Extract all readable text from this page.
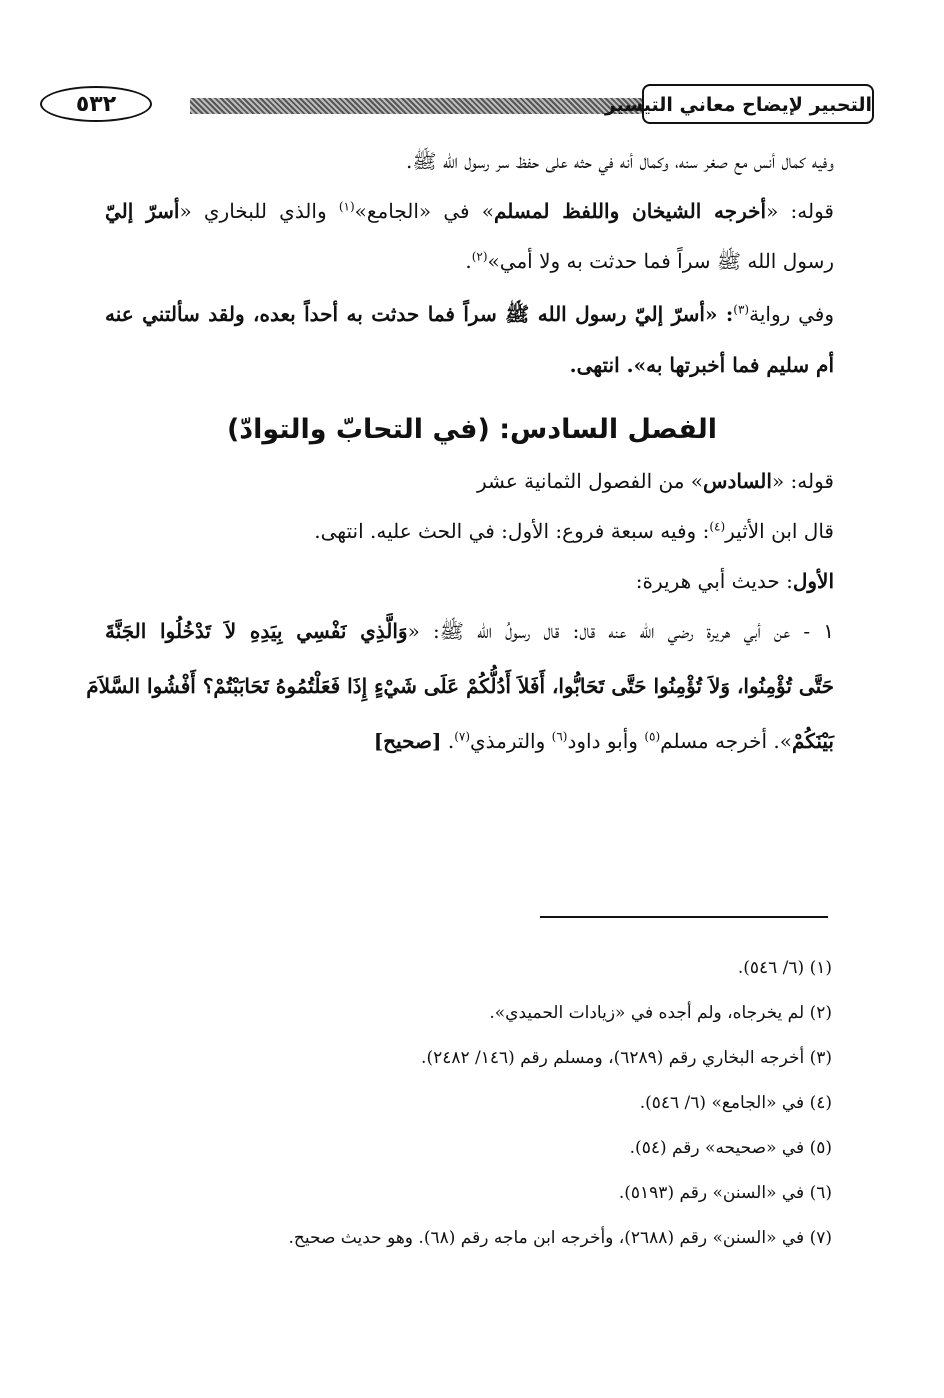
التحبير لإيضاح معاني التيسير
٥٣٢
وفيه كمال أنس مع صغر سنه، وكمال أنه في حثه على حفظ سر رسول الله ﷺ.
قوله: «أخرجه الشيخان واللفظ لمسلم» في «الجامع»$^{(١)}$ والذي للبخاري «أسرّ إليّ
رسول الله ﷺ سراً فما حدثت به ولا أمي»$^{(٢)}$.
وفي رواية$^{(٣)}$: «أسرّ إليّ رسول الله ﷺ سراً فما حدثت به أحداً بعده، ولقد سألتني عنه
أم سليم فما أخبرتها به». انتهى.
الفصل السادس: (في التحابّ والتوادّ)
قوله: «السادس» من الفصول الثمانية عشر
قال ابن الأثير$^{(٤)}$: وفيه سبعة فروع: الأول: في الحث عليه. انتهى.
الأول: حديث أبي هريرة:
١ - عن أبي هريرة رضي الله عنه قال: قال رسولُ الله ﷺ: «وَالَّذِي نَفْسِي بِيَدِهِ لاَ تَدْخُلُوا الجَنَّةَ
حَتَّى تُؤْمِنُوا، وَلاَ تُؤْمِنُوا حَتَّى تَحَابُّوا، أَفَلاَ أَدُلُّكُمْ عَلَى شَيْءٍ إِذَا فَعَلْتُمُوهُ تَحَابَبْتُمْ؟ أَفْشُوا السَّلاَمَ
بَيْنَكُمْ». أخرجه مسلم$^{(٥)}$ وأبو داود$^{(٦)}$ والترمذي$^{(٧)}$. [صحيح]
(١) (٦/ ٥٤٦).
(٢) لم يخرجاه، ولم أجده في «زيادات الحميدي».
(٣) أخرجه البخاري رقم (٦٢٨٩)، ومسلم رقم (١٤٦/ ٢٤٨٢).
(٤) في «الجامع» (٦/ ٥٤٦).
(٥) في «صحيحه» رقم (٥٤).
(٦) في «السنن» رقم (٥١٩٣).
(٧) في «السنن» رقم (٢٦٨٨)، وأخرجه ابن ماجه رقم (٦٨). وهو حديث صحيح.
